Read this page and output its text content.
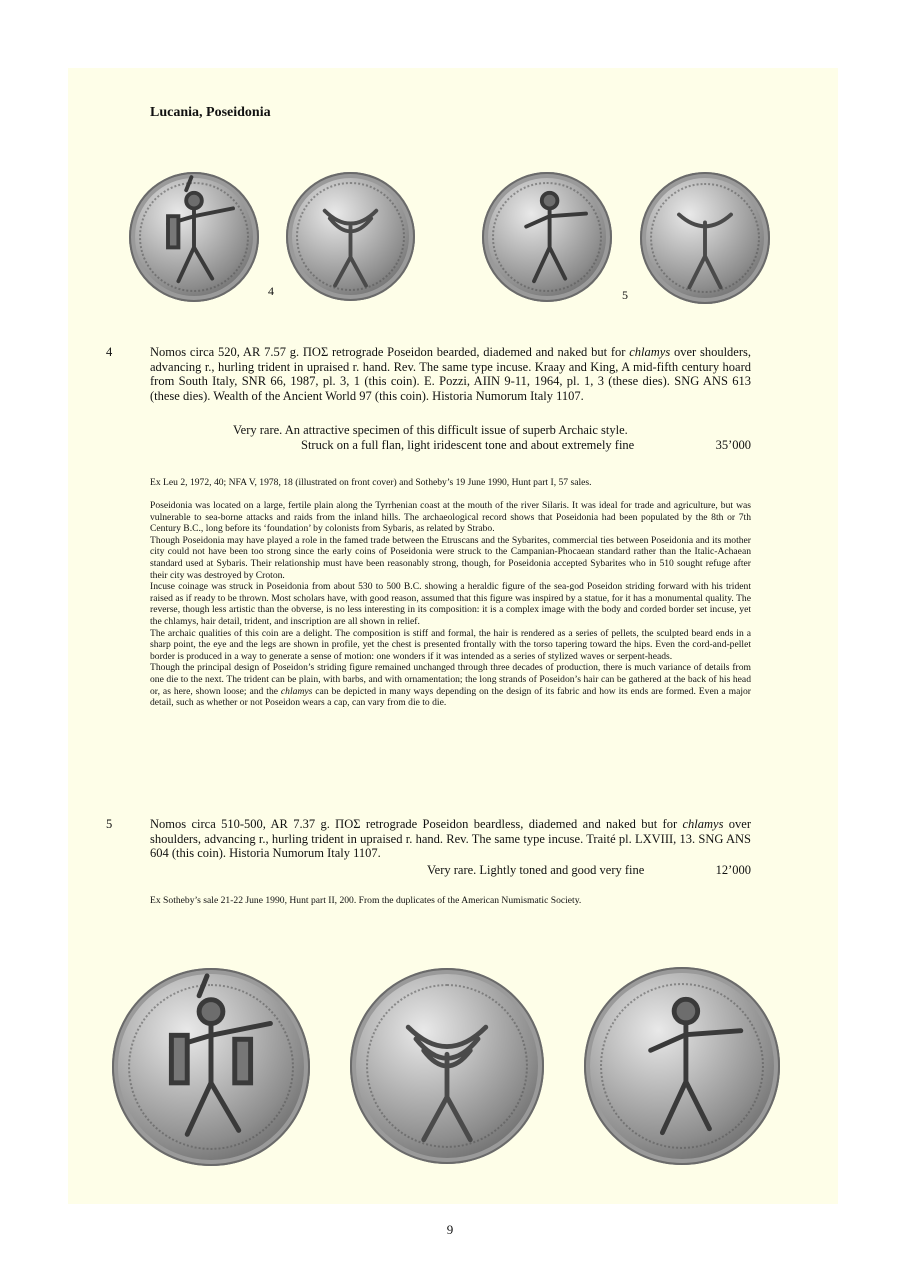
Lucania, Poseidonia
4	5
4	Nomos circa 520, AR 7.57 g. ΠΟΣ retrograde Poseidon bearded, diademed and naked but for chlamys over shoulders, advancing r., hurling trident in upraised r. hand. Rev. The same type incuse. Kraay and King, A mid-fifth century hoard from South Italy, SNR 66, 1987, pl. 3, 1 (this coin). E. Pozzi, AIIN 9-11, 1964, pl. 1, 3 (these dies). SNG ANS 613 (these dies). Wealth of the Ancient World 97 (this coin). Historia Numorum Italy 1107.

Very rare. An attractive specimen of this difficult issue of superb Archaic style.
Struck on a full flan, light iridescent tone and about extremely fine	35’000

Ex Leu 2, 1972, 40; NFA V, 1978, 18 (illustrated on front cover) and Sotheby’s 19 June 1990, Hunt part I, 57 sales.

Poseidonia was located on a large, fertile plain along the Tyrrhenian coast at the mouth of the river Silaris. It was ideal for trade and agriculture, but was vulnerable to sea-borne attacks and raids from the inland hills. The archaeological record shows that Poseidonia had been populated by the 8th or 7th Century B.C., long before its ‘foundation’ by colonists from Sybaris, as related by Strabo.

Though Poseidonia may have played a role in the famed trade between the Etruscans and the Sybarites, commercial ties between Poseidonia and its mother city could not have been too strong since the early coins of Poseidonia were struck to the Campanian-Phocaean standard rather than the Italic-Achaean standard used at Sybaris. Their relationship must have been reasonably strong, though, for Poseidonia accepted Sybarites who in 510 sought refuge after their city was destroyed by Croton.

Incuse coinage was struck in Poseidonia from about 530 to 500 B.C. showing a heraldic figure of the sea-god Poseidon striding forward with his trident raised as if ready to be thrown. Most scholars have, with good reason, assumed that this figure was inspired by a statue, for it has a monumental quality. The reverse, though less artistic than the obverse, is no less interesting in its composition: it is a complex image with the body and corded border set incuse, yet the chlamys, hair detail, trident, and inscription are all shown in relief.

The archaic qualities of this coin are a delight. The composition is stiff and formal, the hair is rendered as a series of pellets, the sculpted beard ends in a sharp point, the eye and the legs are shown in profile, yet the chest is presented frontally with the torso tapering toward the hips. Even the cord-and-pellet border is produced in a way to generate a sense of motion: one wonders if it was intended as a series of stylized waves or serpent-heads.

Though the principal design of Poseidon’s striding figure remained unchanged through three decades of production, there is much variance of details from one die to the next. The trident can be plain, with barbs, and with ornamentation; the long strands of Poseidon’s hair can be gathered at the back of his head or, as here, shown loose; and the chlamys can be depicted in many ways depending on the design of its fabric and how its ends are formed. Even a major detail, such as whether or not Poseidon wears a cap, can vary from die to die.

5	Nomos circa 510-500, AR 7.37 g. ΠΟΣ retrograde Poseidon beardless, diademed and naked but for chlamys over shoulders, advancing r., hurling trident in upraised r. hand. Rev. The same type incuse. Traité pl. LXVIII, 13. SNG ANS 604 (this coin). Historia Numorum Italy 1107.

Very rare. Lightly toned and good very fine	12’000

Ex Sotheby’s sale 21-22 June 1990, Hunt part II, 200. From the duplicates of the American Numismatic Society.

9
